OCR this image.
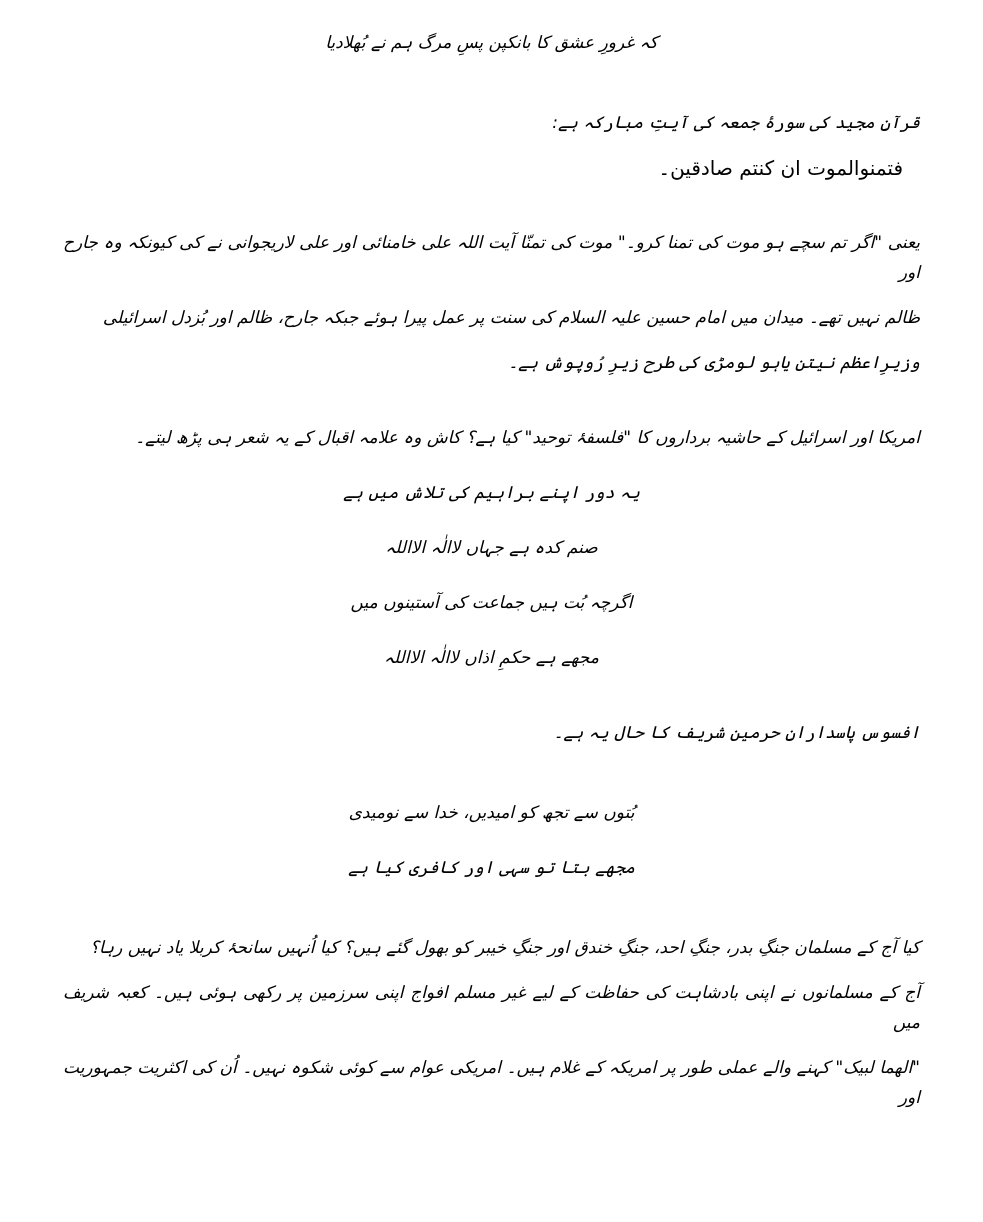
کہ غرورِ عشق کا بانکپن پسِ مرگ ہم نے بُھلادیا
قرآنِ مجید کی سورۂ جمعہ کی آیتِ مبارکہ ہے:
فتمنوالموت ان کنتم صادقین۔
یعنی "اگر تم سچے ہو موت کی تمنا کرو۔" موت کی تمنّا آیت اللہ علی خامنائی اور علی لاریجوانی نے کی کیونکہ وہ جارح اور
ظالم نہیں تھے۔ میدان میں امام حسین علیہ السلام کی سنت پر عمل پیرا ہوئے جبکہ جارح، ظالم اور بُزدل اسرائیلی
وزیرِاعظم نیتن یاہو لومڑی کی طرح زیرِ رُوپوش ہے۔
امریکا اور اسرائیل کے حاشیہ برداروں کا "فلسفۂ توحید" کیا ہے؟ کاش وہ علامہ اقبال کے یہ شعر ہی پڑھ لیتے۔
یہ دور اپنے براہیم کی تلاش میں ہے
صنم کدہ ہے جہاں لاالٰہ الااللہ
اگرچہ بُت ہیں جماعت کی آستینوں میں
مجھے ہے حکمِ اذاں لاالٰہ الااللہ
افسوس پاسدارانِ حرمین شریف کا حال یہ ہے۔
بُتوں سے تجھ کو امیدیں، خدا سے نومیدی
مجھے بتا تو سہی اور کافری کیا ہے
کیا آج کے مسلمان جنگِ بدر، جنگِ احد، جنگِ خندق اور جنگِ خیبر کو بھول گئے ہیں؟ کیا اُنہیں سانحۂ کربلا یاد نہیں رہا؟
آج کے مسلمانوں نے اپنی بادشاہت کی حفاظت کے لیے غیر مسلم افواج اپنی سرزمین پر رکھی ہوئی ہیں۔ کعبہ شریف میں
"الھما لبیک" کہنے والے عملی طور پر امریکہ کے غلام ہیں۔ امریکی عوام سے کوئی شکوہ نہیں۔ اُن کی اکثریت جمہوریت اور
